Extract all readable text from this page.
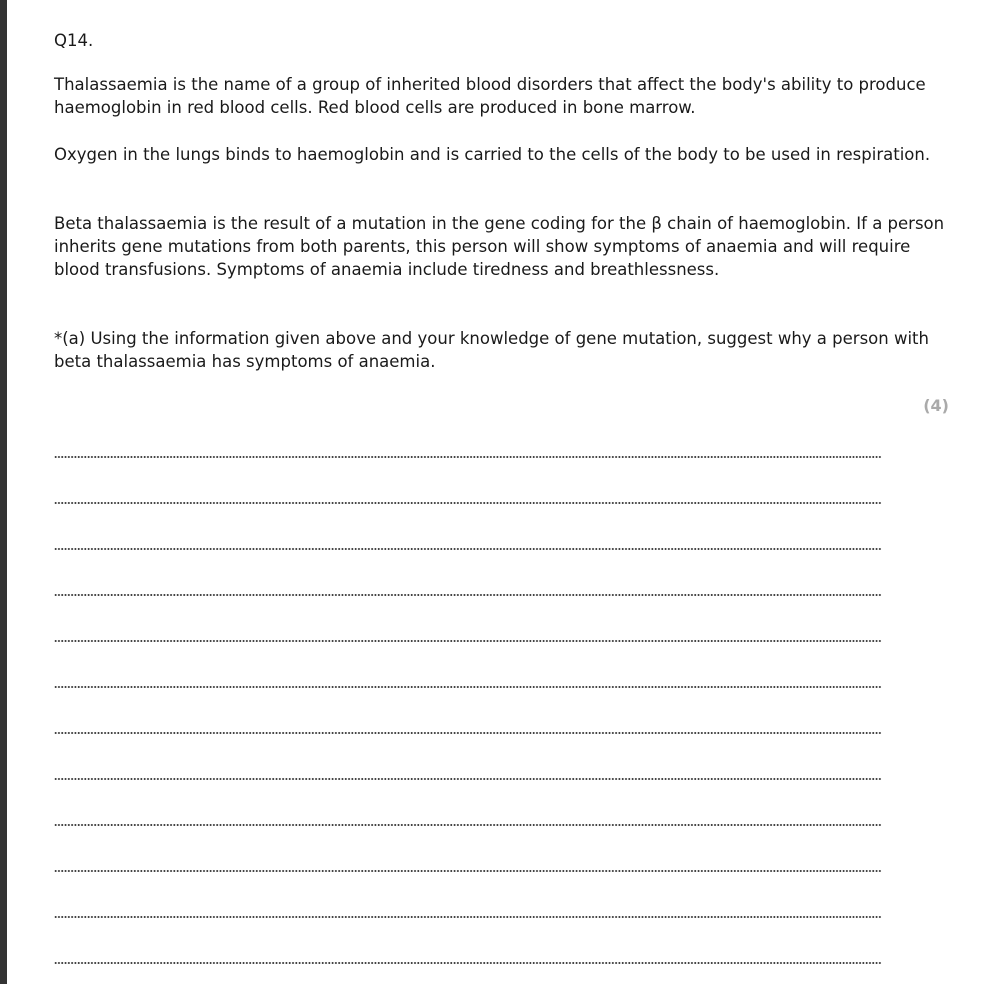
Q14.

Thalassaemia is the name of a group of inherited blood disorders that affect the body's ability to produce haemoglobin in red blood cells. Red blood cells are produced in bone marrow.

Oxygen in the lungs binds to haemoglobin and is carried to the cells of the body to be used in respiration.

Beta thalassaemia is the result of a mutation in the gene coding for the β chain of haemoglobin. If a person inherits gene mutations from both parents, this person will show symptoms of anaemia and will require blood transfusions. Symptoms of anaemia include tiredness and breathlessness.

*(a) Using the information given above and your knowledge of gene mutation, suggest why a person with beta thalassaemia has symptoms of anaemia.

(4)
